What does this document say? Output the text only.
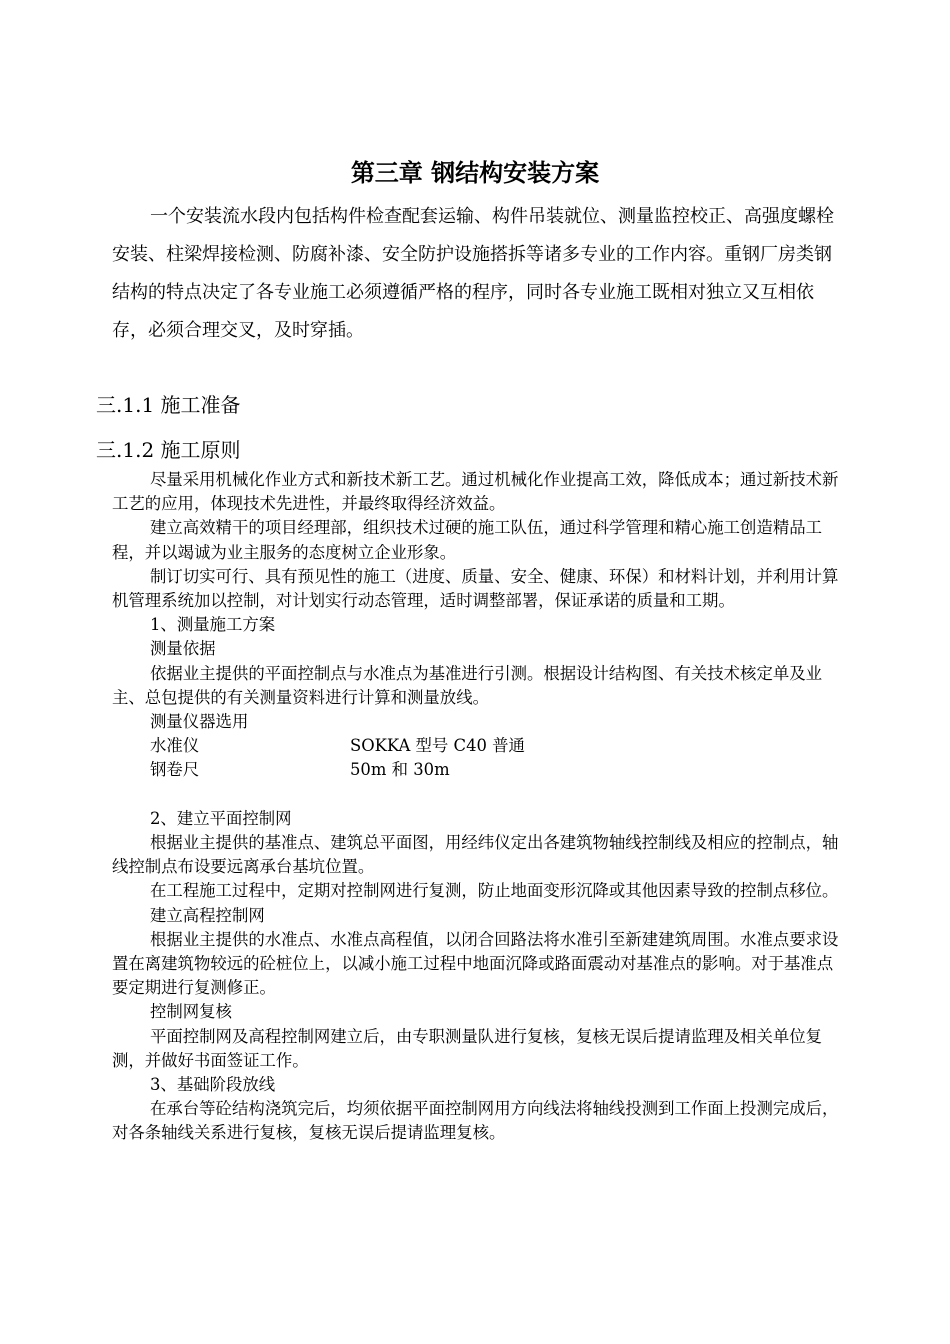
第三章 钢结构安装方案
一个安装流水段内包括构件检查配套运输、构件吊装就位、测量监控校正、高强度螺栓安装、柱梁焊接检测、防腐补漆、安全防护设施搭拆等诸多专业的工作内容。重钢厂房类钢结构的特点决定了各专业施工必须遵循严格的程序，同时各专业施工既相对独立又互相依存，必须合理交叉，及时穿插。
三.1.1 施工准备
三.1.2 施工原则

尽量采用机械化作业方式和新技术新工艺。通过机械化作业提高工效，降低成本；通过新技术新工艺的应用，体现技术先进性，并最终取得经济效益。

建立高效精干的项目经理部，组织技术过硬的施工队伍，通过科学管理和精心施工创造精品工程，并以竭诚为业主服务的态度树立企业形象。

制订切实可行、具有预见性的施工（进度、质量、安全、健康、环保）和材料计划，并利用计算机管理系统加以控制，对计划实行动态管理，适时调整部署，保证承诺的质量和工期。

1、测量施工方案

测量依据

依据业主提供的平面控制点与水准点为基准进行引测。根据设计结构图、有关技术核定单及业主、总包提供的有关测量资料进行计算和测量放线。

测量仪器选用

水准仪	SOKKA 型号 C40 普通
钢卷尺	50m 和 30m

2、建立平面控制网

根据业主提供的基准点、建筑总平面图，用经纬仪定出各建筑物轴线控制线及相应的控制点，轴线控制点布设要远离承台基坑位置。

在工程施工过程中，定期对控制网进行复测，防止地面变形沉降或其他因素导致的控制点移位。

建立高程控制网

根据业主提供的水准点、水准点高程值，以闭合回路法将水准引至新建建筑周围。水准点要求设置在离建筑物较远的砼桩位上，以减小施工过程中地面沉降或路面震动对基准点的影响。对于基准点要定期进行复测修正。

控制网复核

平面控制网及高程控制网建立后，由专职测量队进行复核，复核无误后提请监理及相关单位复测，并做好书面签证工作。

3、基础阶段放线

在承台等砼结构浇筑完后，均须依据平面控制网用方向线法将轴线投测到工作面上投测完成后，对各条轴线关系进行复核，复核无误后提请监理复核。
